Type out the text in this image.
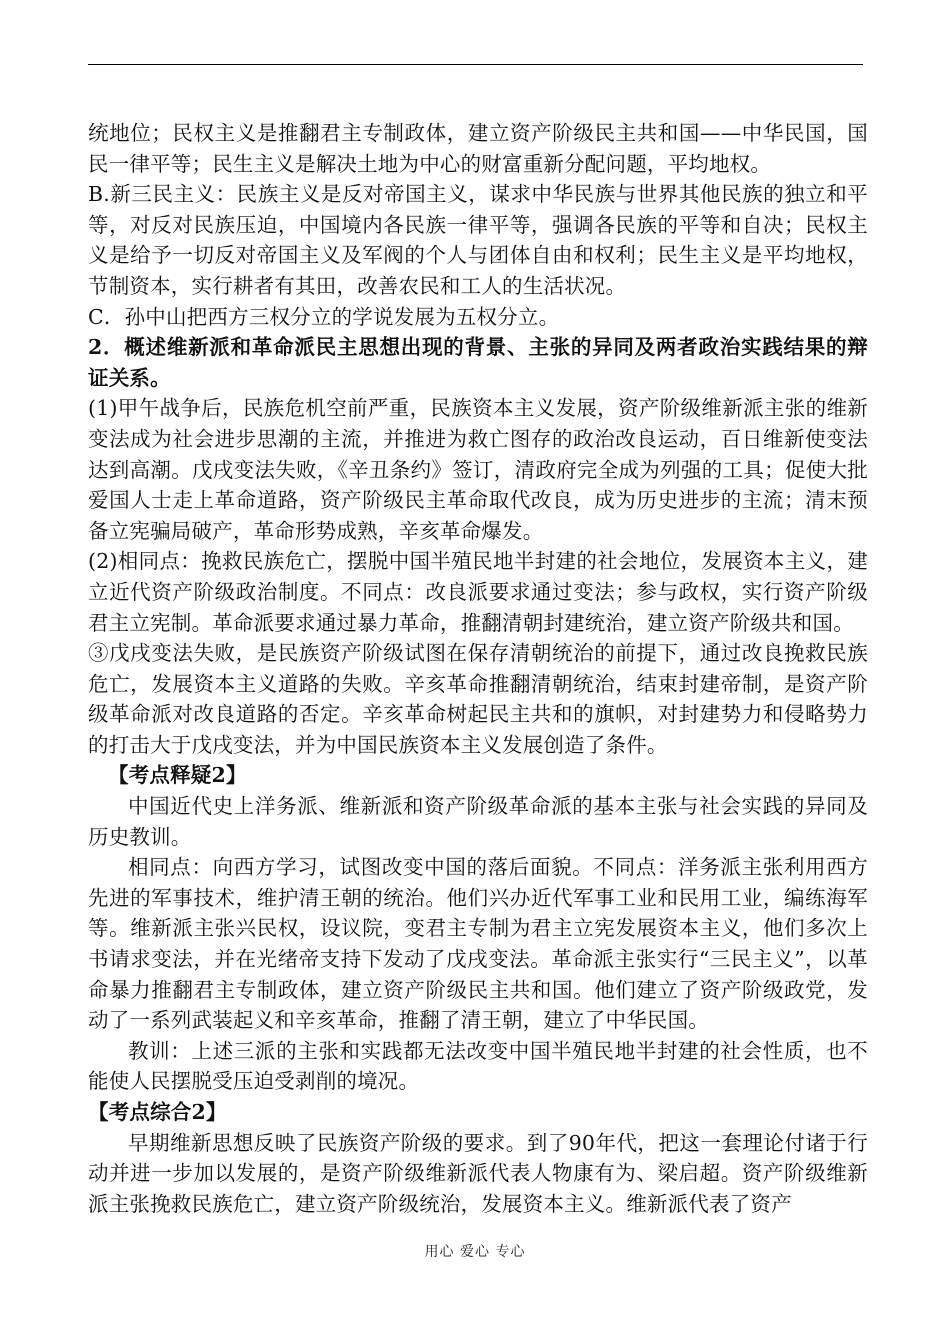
统地位；民权主义是推翻君主专制政体，建立资产阶级民主共和国——中华民国，国民一律平等；民生主义是解决土地为中心的财富重新分配问题，平均地权。

B.新三民主义：民族主义是反对帝国主义，谋求中华民族与世界其他民族的独立和平等，对反对民族压迫，中国境内各民族一律平等，强调各民族的平等和自决；民权主义是给予一切反对帝国主义及军阀的个人与团体自由和权利；民生主义是平均地权，节制资本，实行耕者有其田，改善农民和工人的生活状况。

C．孙中山把西方三权分立的学说发展为五权分立。

2．概述维新派和革命派民主思想出现的背景、主张的异同及两者政治实践结果的辩证关系。

(1)甲午战争后，民族危机空前严重，民族资本主义发展，资产阶级维新派主张的维新变法成为社会进步思潮的主流，并推进为救亡图存的政治改良运动，百日维新使变法达到高潮。戊戌变法失败，《辛丑条约》签订，清政府完全成为列强的工具；促使大批爱国人士走上革命道路，资产阶级民主革命取代改良，成为历史进步的主流；清末预备立宪骗局破产，革命形势成熟，辛亥革命爆发。

(2)相同点：挽救民族危亡，摆脱中国半殖民地半封建的社会地位，发展资本主义，建立近代资产阶级政治制度。不同点：改良派要求通过变法；参与政权，实行资产阶级君主立宪制。革命派要求通过暴力革命，推翻清朝封建统治，建立资产阶级共和国。

③戊戌变法失败，是民族资产阶级试图在保存清朝统治的前提下，通过改良挽救民族危亡，发展资本主义道路的失败。辛亥革命推翻清朝统治，结束封建帝制，是资产阶级革命派对改良道路的否定。辛亥革命树起民主共和的旗帜，对封建势力和侵略势力的打击大于戊戌变法，并为中国民族资本主义发展创造了条件。

【考点释疑2】

中国近代史上洋务派、维新派和资产阶级革命派的基本主张与社会实践的异同及历史教训。

相同点：向西方学习，试图改变中国的落后面貌。不同点：洋务派主张利用西方先进的军事技术，维护清王朝的统治。他们兴办近代军事工业和民用工业，编练海军等。维新派主张兴民权，设议院，变君主专制为君主立宪发展资本主义，他们多次上书请求变法，并在光绪帝支持下发动了戊戌变法。革命派主张实行“三民主义”，以革命暴力推翻君主专制政体，建立资产阶级民主共和国。他们建立了资产阶级政党，发动了一系列武装起义和辛亥革命，推翻了清王朝，建立了中华民国。

教训：上述三派的主张和实践都无法改变中国半殖民地半封建的社会性质，也不能使人民摆脱受压迫受剥削的境况。

【考点综合2】

早期维新思想反映了民族资产阶级的要求。到了90年代，把这一套理论付诸于行动并进一步加以发展的，是资产阶级维新派代表人物康有为、梁启超。资产阶级维新派主张挽救民族危亡，建立资产阶级统治，发展资本主义。维新派代表了资产

用心 爱心 专心
